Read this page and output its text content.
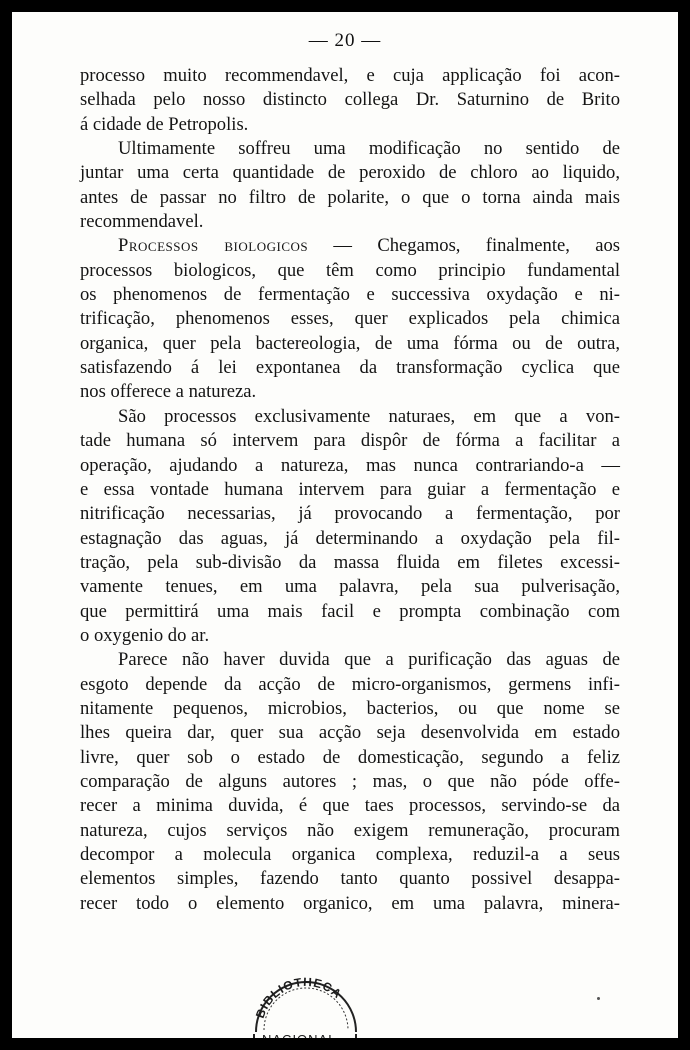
— 20 —
processo muito recommendavel, e cuja applicação foi acon-
selhada pelo nosso distincto collega Dr. Saturnino de Brito
á cidade de Petropolis.
Ultimamente soffreu uma modificação no sentido de
juntar uma certa quantidade de peroxido de chloro ao liquido,
antes de passar no filtro de polarite, o que o torna ainda mais
recommendavel.
Processos biologicos — Chegamos, finalmente, aos
processos biologicos, que têm como principio fundamental
os phenomenos de fermentação e successiva oxydação e ni-
trificação, phenomenos esses, quer explicados pela chimica
organica, quer pela bactereologia, de uma fórma ou de outra,
satisfazendo á lei expontanea da transformação cyclica que
nos offerece a natureza.
São processos exclusivamente naturaes, em que a von-
tade humana só intervem para dispôr de fórma a facilitar a
operação, ajudando a natureza, mas nunca contrariando-a —
e essa vontade humana intervem para guiar a fermentação e
nitrificação necessarias, já provocando a fermentação, por
estagnação das aguas, já determinando a oxydação pela fil-
tração, pela sub-divisão da massa fluida em filetes excessi-
vamente tenues, em uma palavra, pela sua pulverisação,
que permittirá uma mais facil e prompta combinação com
o oxygenio do ar.
Parece não haver duvida que a purificação das aguas de
esgoto depende da acção de micro-organismos, germens infi-
nitamente pequenos, microbios, bacterios, ou que nome se
lhes queira dar, quer sua acção seja desenvolvida em estado
livre, quer sob o estado de domesticação, segundo a feliz
comparação de alguns autores ; mas, o que não póde offe-
recer a minima duvida, é que taes processos, servindo-se da
natureza, cujos serviços não exigem remuneração, procuram
decompor a molecula organica complexa, reduzil-a a seus
elementos simples, fazendo tanto quanto possivel desappa-
recer todo o elemento organico, em uma palavra, minera-
BIBLIOTHECA
NACIONAL
